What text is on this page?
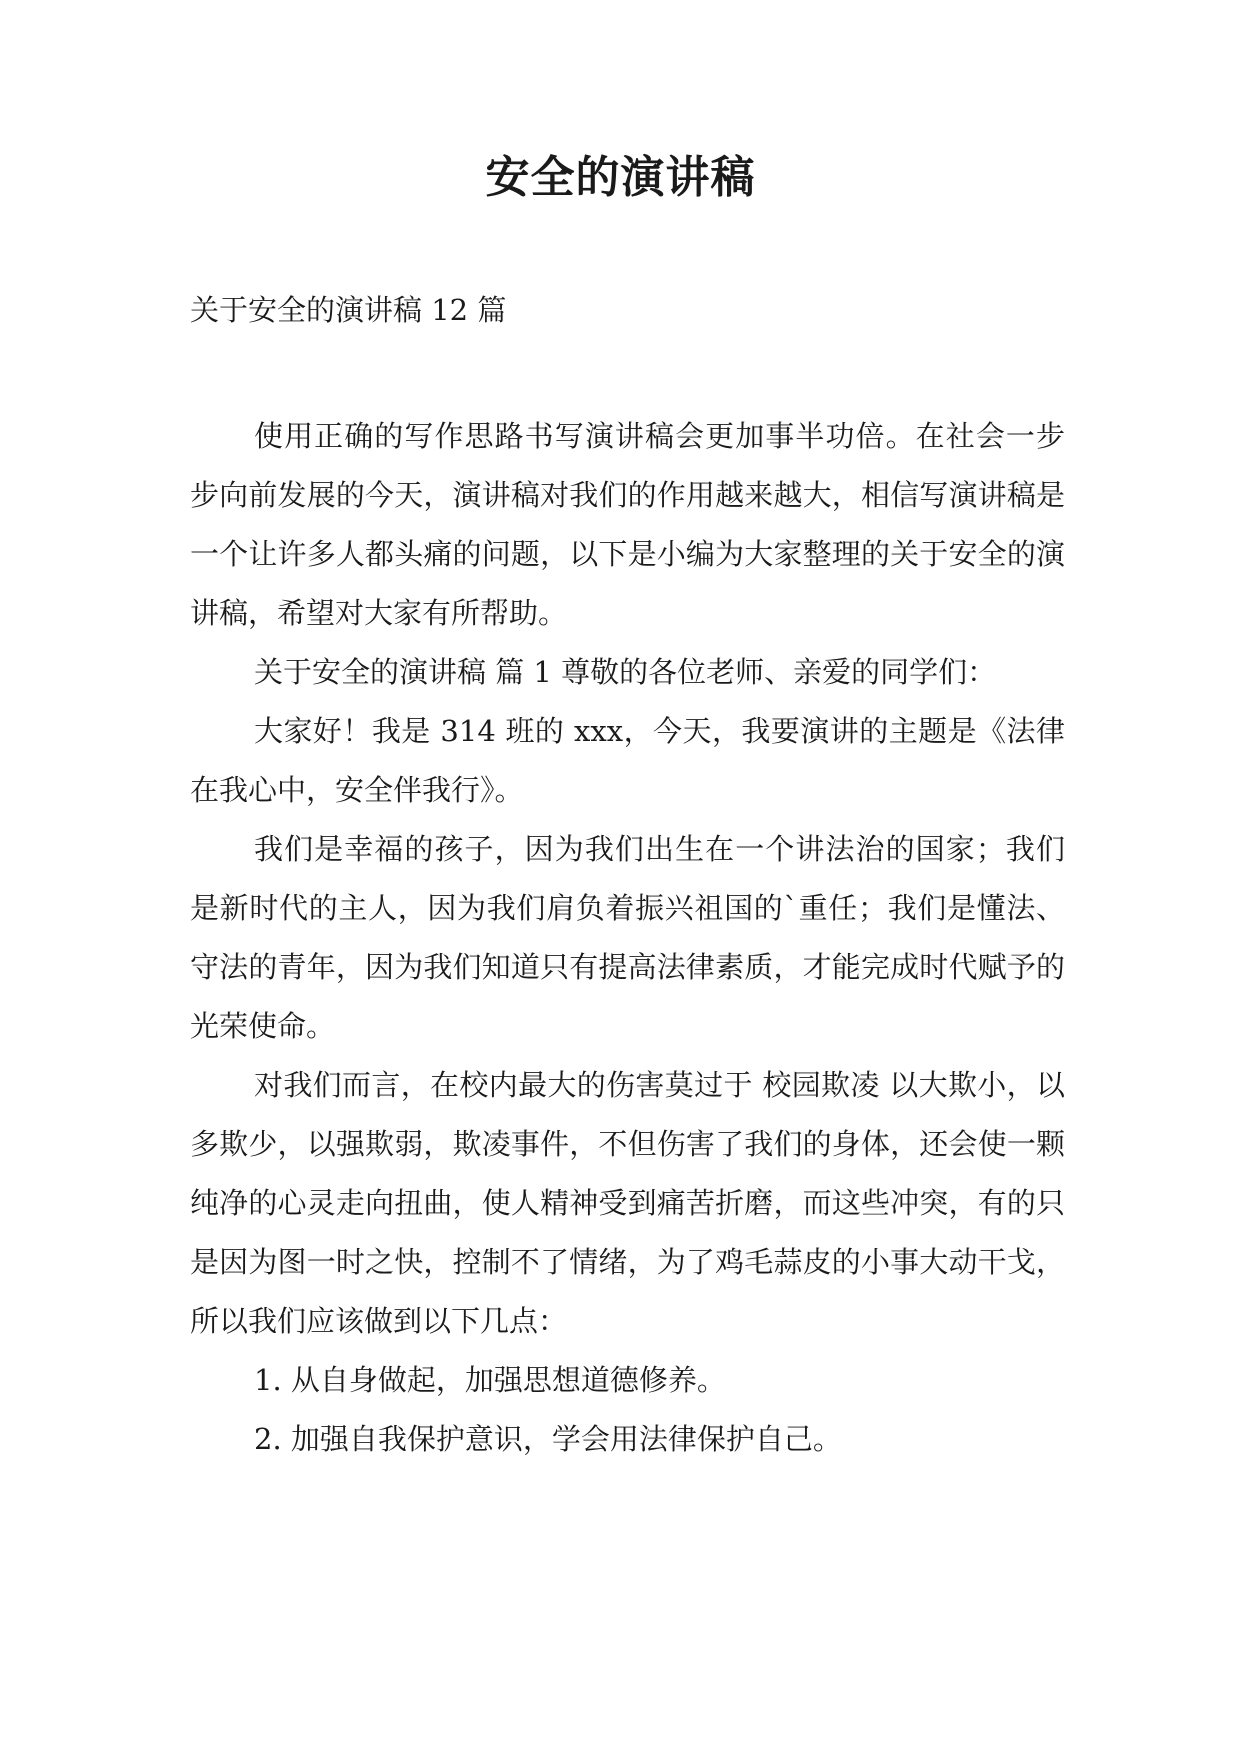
安全的演讲稿
关于安全的演讲稿 12 篇

使用正确的写作思路书写演讲稿会更加事半功倍。在社会一步步向前发展的今天，演讲稿对我们的作用越来越大，相信写演讲稿是一个让许多人都头痛的问题，以下是小编为大家整理的关于安全的演讲稿，希望对大家有所帮助。

关于安全的演讲稿 篇 1 尊敬的各位老师、亲爱的同学们：

大家好！我是 314 班的 xxx，今天，我要演讲的主题是《法律在我心中，安全伴我行》。

我们是幸福的孩子，因为我们出生在一个讲法治的国家；我们是新时代的主人，因为我们肩负着振兴祖国的`重任；我们是懂法、守法的青年，因为我们知道只有提高法律素质，才能完成时代赋予的光荣使命。

对我们而言，在校内最大的伤害莫过于 校园欺凌 以大欺小，以多欺少，以强欺弱，欺凌事件，不但伤害了我们的身体，还会使一颗纯净的心灵走向扭曲，使人精神受到痛苦折磨，而这些冲突，有的只是因为图一时之快，控制不了情绪，为了鸡毛蒜皮的小事大动干戈，所以我们应该做到以下几点：

1. 从自身做起，加强思想道德修养。

2. 加强自我保护意识，学会用法律保护自己。
